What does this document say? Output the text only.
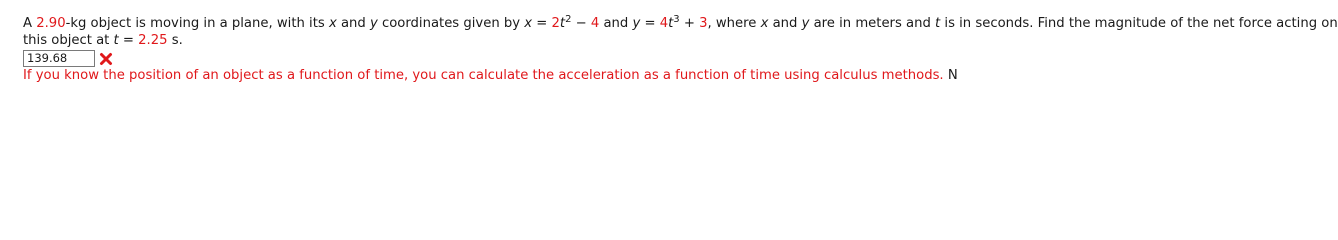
A 2.90-kg object is moving in a plane, with its x and y coordinates given by $x = 2t^2 - 4$ and $y = 4t^3 + 3$, where x and y are in meters and t is in seconds. Find the magnitude of the net force acting on
this object at t = 2.25 s.
139.68
If you know the position of an object as a function of time, you can calculate the acceleration as a function of time using calculus methods. N
